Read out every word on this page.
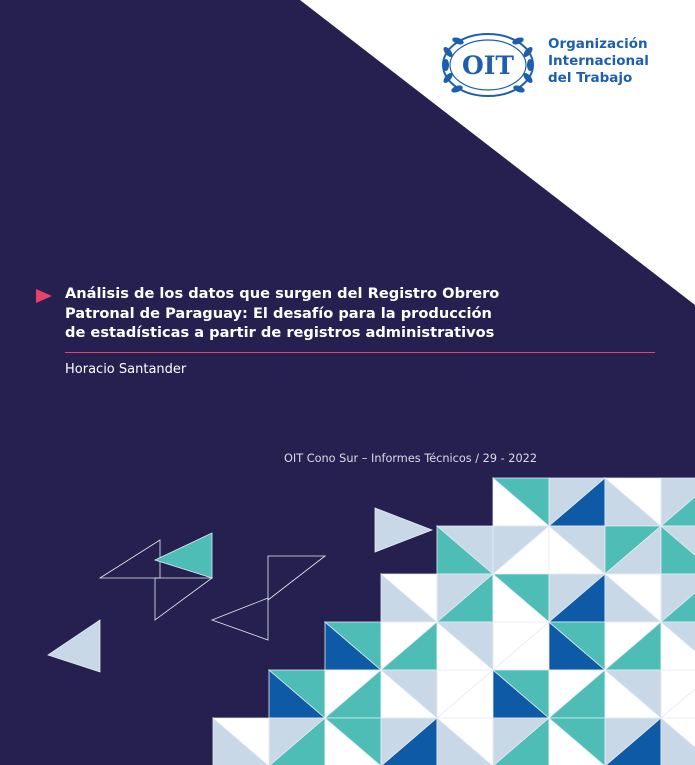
OIT
Organización
Internacional
del Trabajo
Análisis de los datos que surgen del Registro Obrero
Patronal de Paraguay: El desafío para la producción
de estadísticas a partir de registros administrativos
Horacio Santander
OIT Cono Sur – Informes Técnicos / 29 - 2022
